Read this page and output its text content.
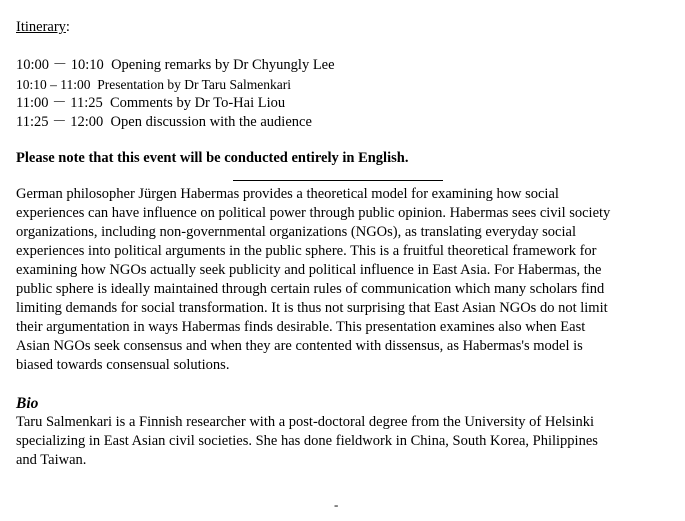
Itinerary:
10:00 － 10:10 Opening remarks by Dr Chyungly Lee
10:10 – 11:00 Presentation by Dr Taru Salmenkari
11:00 － 11:25 Comments by Dr To-Hai Liou
11:25 － 12:00 Open discussion with the audience
Please note that this event will be conducted entirely in English.
German philosopher Jürgen Habermas provides a theoretical model for examining how social
experiences can have influence on political power through public opinion. Habermas sees civil society
organizations, including non-governmental organizations (NGOs), as translating everyday social
experiences into political arguments in the public sphere. This is a fruitful theoretical framework for
examining how NGOs actually seek publicity and political influence in East Asia. For Habermas, the
public sphere is ideally maintained through certain rules of communication which many scholars find
limiting demands for social transformation. It is thus not surprising that East Asian NGOs do not limit
their argumentation in ways Habermas finds desirable. This presentation examines also when East
Asian NGOs seek consensus and when they are contented with dissensus, as Habermas's model is
biased towards consensual solutions.
Bio
Taru Salmenkari is a Finnish researcher with a post-doctoral degree from the University of Helsinki
specializing in East Asian civil societies. She has done fieldwork in China, South Korea, Philippines
and Taiwan.
-
